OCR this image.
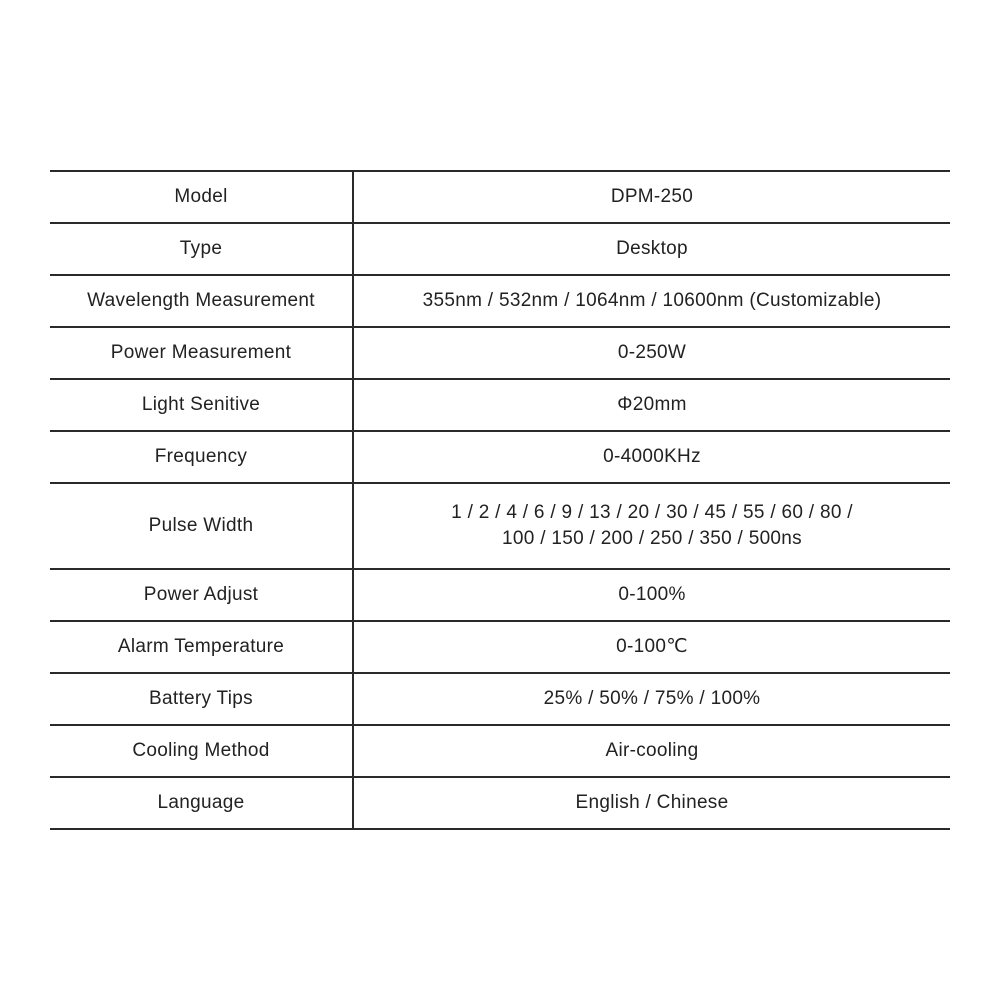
Model	DPM-250
Type	Desktop
Wavelength Measurement	355nm / 532nm / 1064nm / 10600nm (Customizable)
Power Measurement	0-250W
Light Senitive	Φ20mm
Frequency	0-4000KHz
Pulse Width	1 / 2 / 4 / 6 / 9 / 13 / 20 / 30 / 45 / 55 / 60 / 80 /
100 / 150 / 200 / 250 / 350 / 500ns

Power Adjust	0-100%
Alarm Temperature	0-100℃
Battery Tips	25% / 50% / 75% / 100%
Cooling Method	Air-cooling
Language	English / Chinese
